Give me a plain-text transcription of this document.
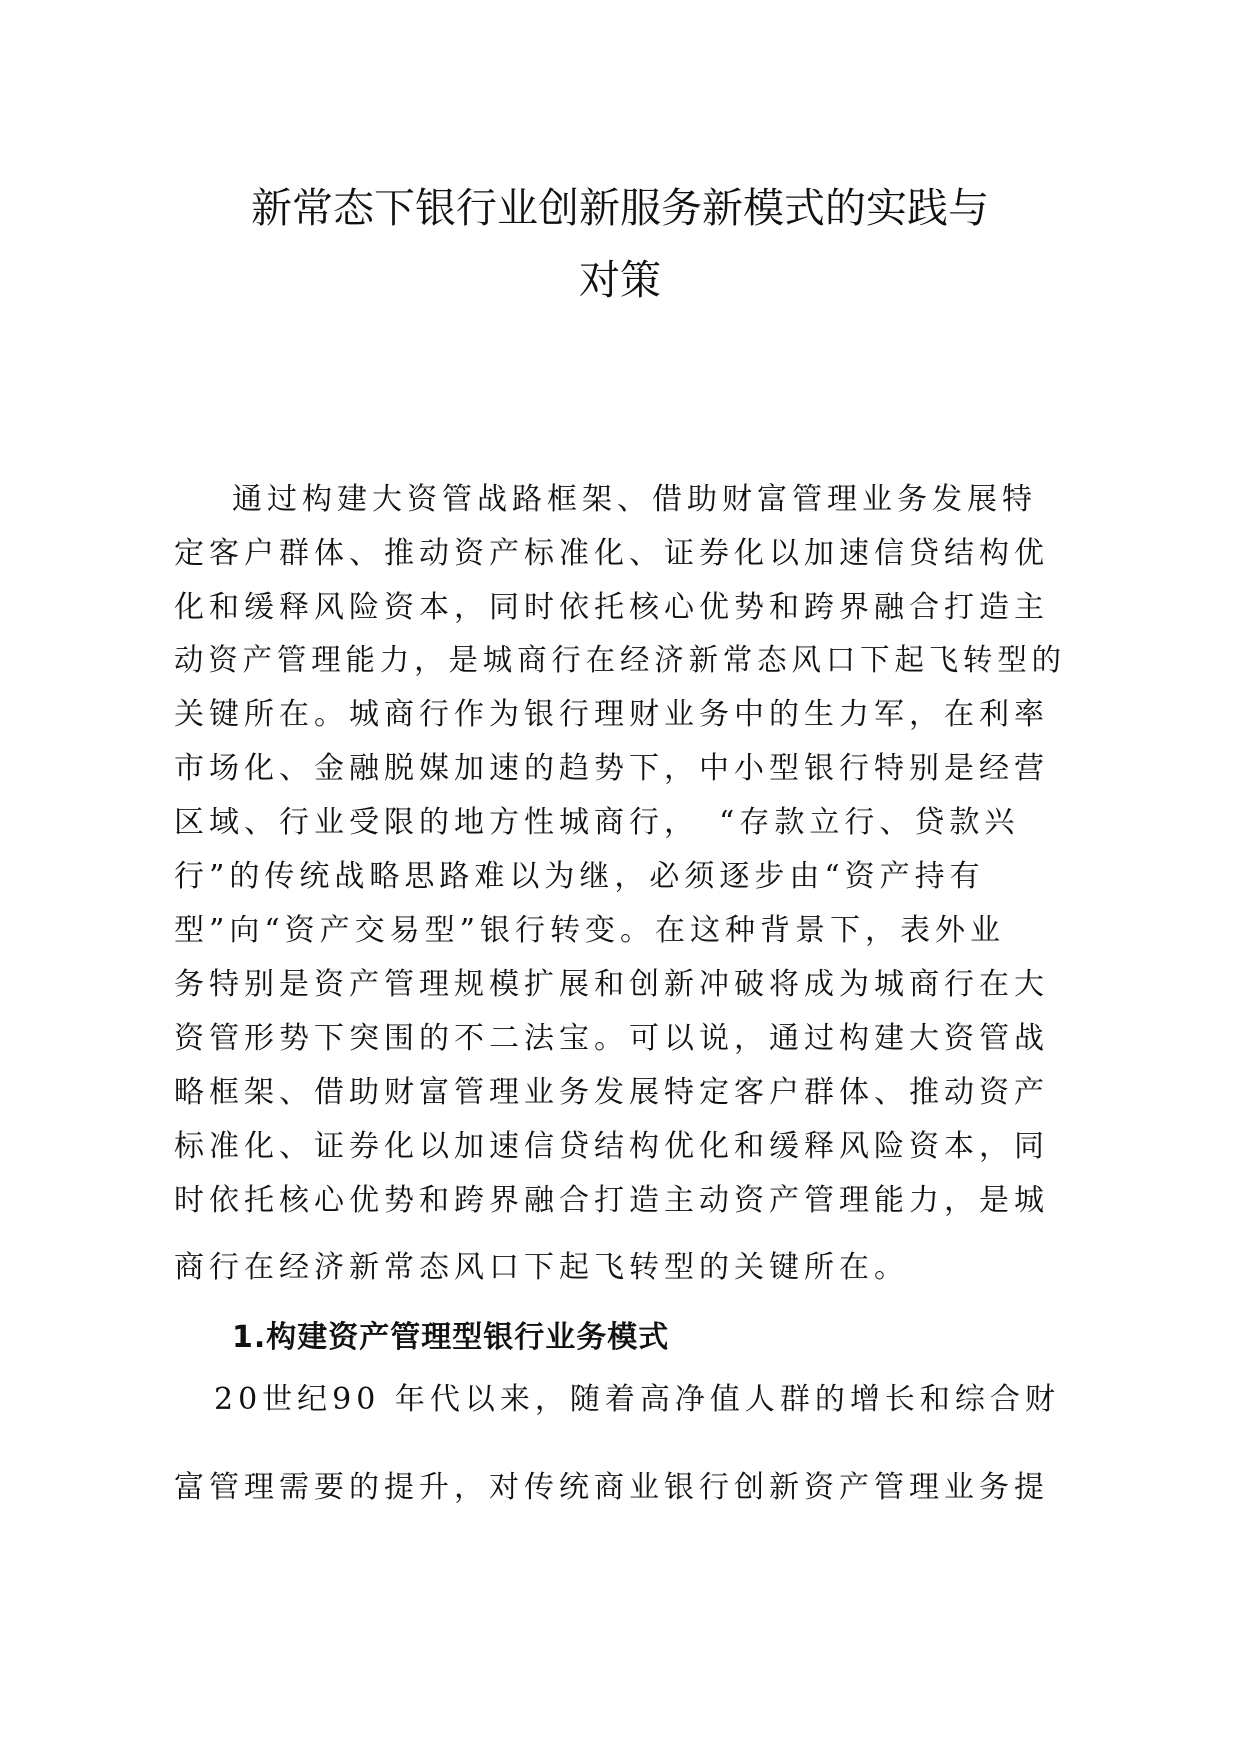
新常态下银行业创新服务新模式的实践与
对策
通过构建大资管战路框架、借助财富管理业务发展特
定客户群体、推动资产标准化、证券化以加速信贷结构优
化和缓释风险资本，同时依托核心优势和跨界融合打造主
动资产管理能力，是城商行在经济新常态风口下起飞转型的
关键所在。城商行作为银行理财业务中的生力军，在利率
市场化、金融脱媒加速的趋势下，中小型银行特别是经营
区域、行业受限的地方性城商行，　“存款立行、贷款兴
行”的传统战略思路难以为继，必须逐步由“资产持有
型”向“资产交易型”银行转变。在这种背景下，表外业
务特别是资产管理规模扩展和创新冲破将成为城商行在大
资管形势下突围的不二法宝。可以说，通过构建大资管战
略框架、借助财富管理业务发展特定客户群体、推动资产
标准化、证券化以加速信贷结构优化和缓释风险资本，同
时依托核心优势和跨界融合打造主动资产管理能力，是城
商行在经济新常态风口下起飞转型的关键所在。
1.构建资产管理型银行业务模式
20世纪90 年代以来，随着高净值人群的增长和综合财
富管理需要的提升，对传统商业银行创新资产管理业务提
